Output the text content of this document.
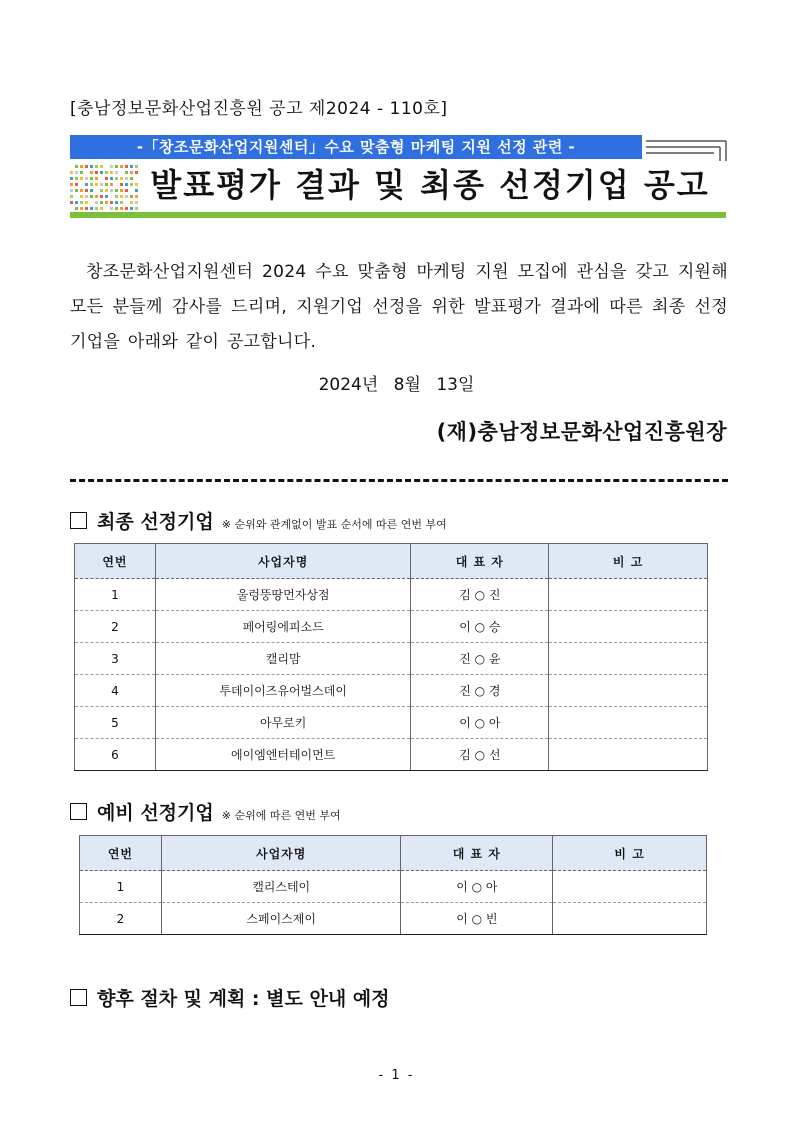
[충남정보문화산업진흥원 공고 제2024 - 110호]
-「창조문화산업지원센터」수요 맞춤형 마케팅 지원 선정 관련 -
발표평가 결과 및 최종 선정기업 공고
창조문화산업지원센터 2024 수요 맞춤형 마케팅 지원 모집에 관심을 갖고 지원해 모든 분들께 감사를 드리며, 지원기업 선정을 위한 발표평가 결과에 따른 최종 선정기업을 아래와 같이 공고합니다.
2024년 8월 13일
(재)충남정보문화산업진흥원장
최종 선정기업 ※ 순위와 관계없이 발표 순서에 따른 연번 부여
연번	사업자명	대 표 자	비 고
1	울렁뚱땅먼자상점	김 ○ 진	
2	페어링에피소드	이 ○ 승	
3	캘리맘	진 ○ 윤	
4	투데이이즈유어벌스데이	진 ○ 경	
5	아무로키	이 ○ 아	
6	에이엠엔터테이먼트	김 ○ 선	
예비 선정기업 ※ 순위에 따른 연번 부여
연번	사업자명	대 표 자	비 고
1	캘리스테이	이 ○ 아	
2	스페이스제이	이 ○ 빈	
향후 절차 및 계획 : 별도 안내 예정
- 1 -
